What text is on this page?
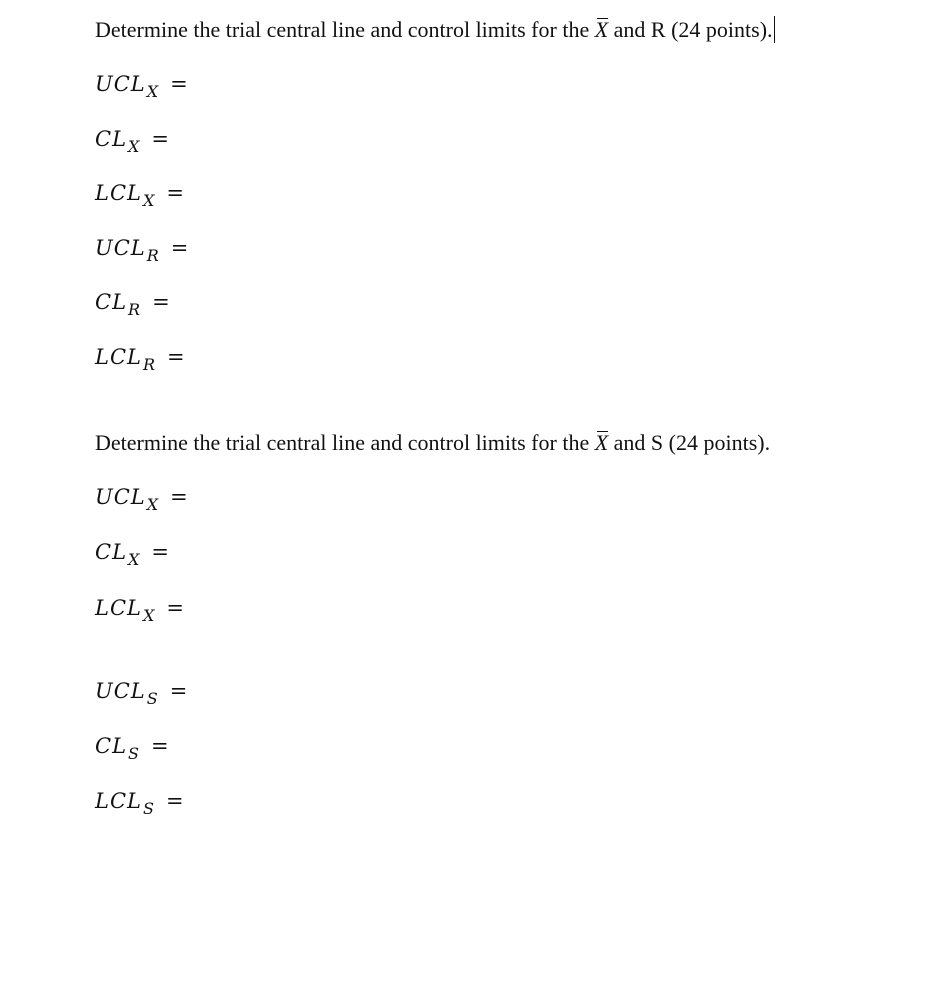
Determine the trial central line and control limits for the X and R (24 points).
$UCL_X$ =
$CL_X$ =
$LCL_X$ =
$UCL_R$ =
$CL_R$ =
$LCL_R$ =
Determine the trial central line and control limits for the X and S (24 points).
$UCL_X$ =
$CL_X$ =
$LCL_X$ =
$UCL_S$ =
$CL_S$ =
$LCL_S$ =
